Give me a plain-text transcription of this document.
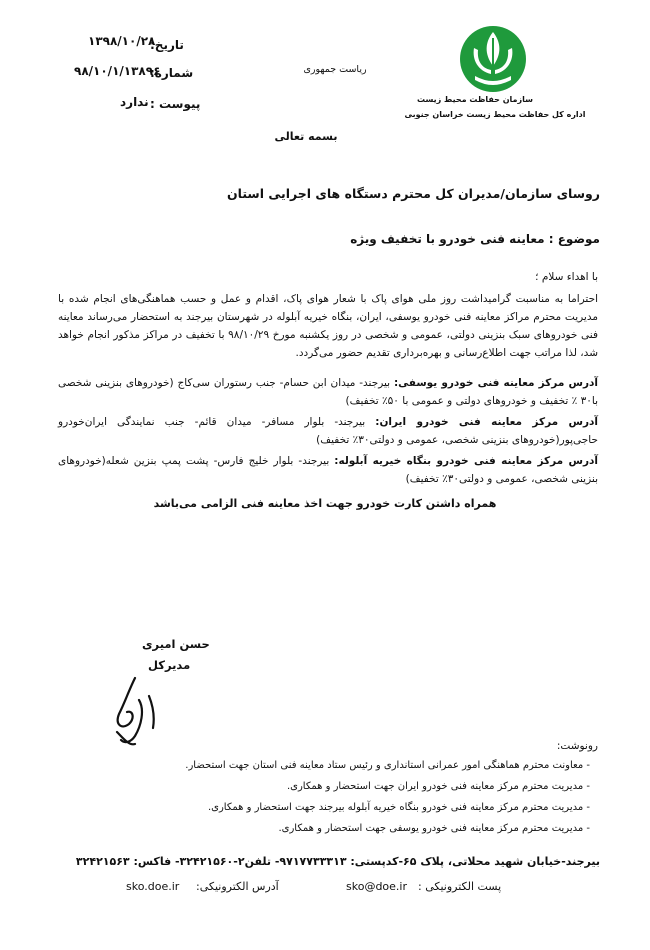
سازمان حفاظت محیط زیست
اداره کل حفاظت محیط زیست خراسان جنوبی
ریاست جمهوری
تاریخ:
۱۳۹۸/۱۰/۲۸
شماره:
۹۸/۱۰/۱/۱۳۸۹۶
پیوست :
ندارد
بسمه تعالی
روسای سازمان/مدیران کل محترم دستگاه های اجرایی استان
موضوع : معاینه فنی خودرو با تخفیف ویژه
با اهداء سلام ؛
احتراما به مناسبت گرامیداشت روز ملی هوای پاک با شعار هوای پاک، اقدام و عمل و حسب هماهنگی‌های انجام شده با مدیریت محترم مراکز معاینه فنی خودرو یوسفی، ایران، بنگاه خیریه آبلوله در شهرستان بیرجند به استحضار می‌رساند معاینه فنی خودروهای سبک بنزینی دولتی، عمومی و شخصی در روز یکشنبه مورخ ۹۸/۱۰/۲۹ با تخفیف در مراکز مذکور انجام خواهد شد، لذا مراتب جهت اطلاع‌رسانی و بهره‌برداری تقدیم حضور می‌گردد.
آدرس مرکز معاینه فنی خودرو یوسفی: بیرجند- میدان ابن حسام- جنب رستوران سی‌کاج (خودروهای بنزینی شخصی با۳۰ ٪ تخفیف و خودروهای دولتی و عمومی با ۵۰٪ تخفیف)
آدرس مرکز معاینه فنی خودرو ایران: بیرجند- بلوار مسافر- میدان قائم- جنب نمایندگی ایران‌خودرو حاجی‌پور(خودروهای بنزینی شخصی، عمومی و دولتی۳۰٪ تخفیف)
آدرس مرکز معاینه فنی خودرو بنگاه خیریه آبلوله: بیرجند- بلوار خلیج فارس- پشت پمپ بنزین شعله(خودروهای بنزینی شخصی، عمومی و دولتی۳۰٪ تخفیف)
همراه داشتن کارت خودرو جهت اخذ معاینه فنی الزامی می‌باشد
حسن امیری
مدیرکل
رونوشت:
- معاونت محترم هماهنگی امور عمرانی استانداری و رئیس ستاد معاینه فنی استان جهت استحضار.
- مدیریت محترم مرکز معاینه فنی خودرو ایران جهت استحضار و همکاری.
- مدیریت محترم مرکز معاینه فنی خودرو بنگاه خیریه آبلوله بیرجند جهت استحضار و همکاری.
- مدیریت محترم مرکز معاینه فنی خودرو یوسفی جهت استحضار و همکاری.
بیرجند-خیابان شهید محلاتی، پلاک ۶۵-کدپستی: ۹۷۱۷۷۳۳۳۱۳- تلفن۲-۳۲۴۲۱۵۶۰- فاکس: ۳۲۴۲۱۵۶۳
پست الکترونیکی :
sko@doe.ir
آدرس الکترونیکی:
sko.doe.ir
